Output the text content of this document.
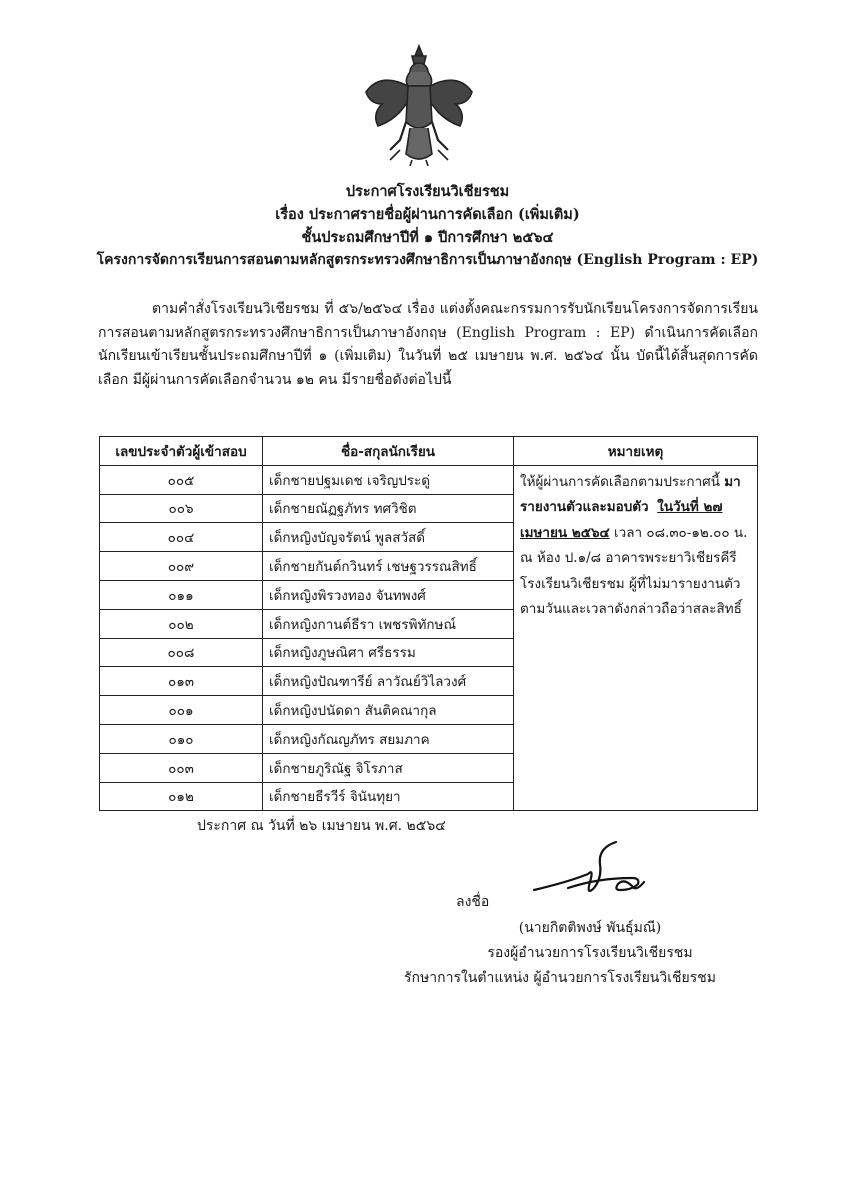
ประกาศโรงเรียนวิเชียรชม
เรื่อง ประกาศรายชื่อผู้ผ่านการคัดเลือก (เพิ่มเติม)
ชั้นประถมศึกษาปีที่ ๑ ปีการศึกษา ๒๕๖๔
โครงการจัดการเรียนการสอนตามหลักสูตรกระทรวงศึกษาธิการเป็นภาษาอังกฤษ (English Program : EP)
ตามคำสั่งโรงเรียนวิเชียรชม ที่ ๕๖/๒๕๖๔ เรื่อง แต่งตั้งคณะกรรมการรับนักเรียนโครงการจัดการเรียนการสอนตามหลักสูตรกระทรวงศึกษาธิการเป็นภาษาอังกฤษ (English Program : EP) ดำเนินการคัดเลือกนักเรียนเข้าเรียนชั้นประถมศึกษาปีที่ ๑ (เพิ่มเติม) ในวันที่ ๒๕ เมษายน พ.ศ. ๒๕๖๔ นั้น บัดนี้ได้สิ้นสุดการคัดเลือก มีผู้ผ่านการคัดเลือกจำนวน ๑๒ คน มีรายชื่อดังต่อไปนี้
เลขประจำตัวผู้เข้าสอบ	ชื่อ-สกุลนักเรียน	หมายเหตุ
๐๐๕	เด็กชายปฐมเดช เจริญประดู่	ให้ผู้ผ่านการคัดเลือกตามประกาศนี้ มารายงานตัวและมอบตัว ในวันที่ ๒๗ เมษายน ๒๕๖๔ เวลา ๐๘.๓๐-๑๒.๐๐ น. ณ ห้อง ป.๑/๘ อาคารพระยาวิเชียรคีรี โรงเรียนวิเชียรชม ผู้ที่ไม่มารายงานตัวตามวันและเวลาดังกล่าวถือว่าสละสิทธิ์
๐๐๖	เด็กชายณัฏฐภัทร ทศวิชิต	
๐๐๔	เด็กหญิงบัญจรัตน์ พูลสวัสดิ์	
๐๐๙	เด็กชายกันต์กวินทร์ เชษฐวรรณสิทธิ์	
๐๑๑	เด็กหญิงพิรวงทอง จันทพงศ์	
๐๐๒	เด็กหญิงกานต์ธีรา เพชรพิทักษณ์	
๐๐๘	เด็กหญิงภูษณิศา ศรีธรรม	
๐๑๓	เด็กหญิงปัณฑารีย์ ลาวัณย์วิไลวงศ์	
๐๐๑	เด็กหญิงปนัดดา สันติคณากุล	
๐๑๐	เด็กหญิงกัณญภัทร สยมภาค	
๐๐๓	เด็กชายภูริณัฐ จิโรภาส	
๐๑๒	เด็กชายธีรวีร์ จินันทุยา	
ประกาศ ณ วันที่ ๒๖ เมษายน พ.ศ. ๒๕๖๔
ลงชื่อ
(นายกิตติพงษ์ พันธุ์มณี)
รองผู้อำนวยการโรงเรียนวิเชียรชม
รักษาการในตำแหน่ง ผู้อำนวยการโรงเรียนวิเชียรชม
